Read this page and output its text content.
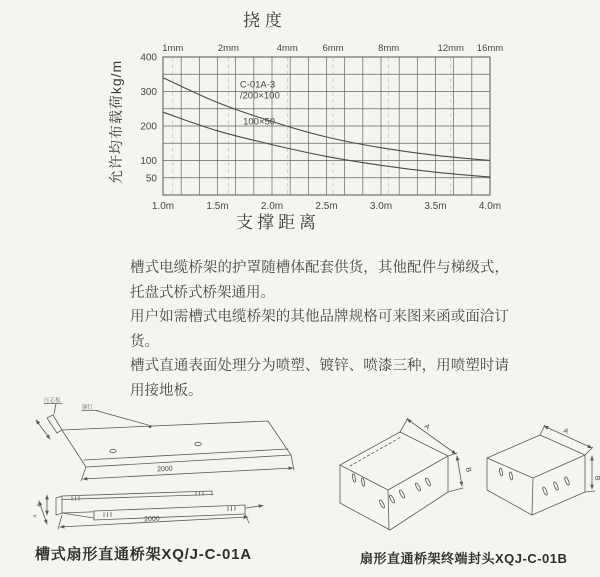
挠度
1mm	2mm	4mm	6mm	8mm	12mm 16mm
400
300
200
100
50
1.0m	1.5m	2.0m	2.5m	3.0m	3.5m	4.0m
C-01A-3
/200×100
100×50
允许均布载荷kg/m
支撑距离

槽式电缆桥架的护罩随槽体配套供货，其他配件与梯级式，托盘式桥式桥架通用。

用户如需槽式电缆桥架的其他品牌规格可来图来函或面洽订货。

槽式直通表面处理分为喷塑、镀锌、喷漆三种，用喷塑时请用接地板。

压芯板
铆钉
2000
B
A	2000
A
B
A
B
槽式扇形直通桥架XQ/J-C-01A	扇形直通桥架终端封头XQJ-C-01B
